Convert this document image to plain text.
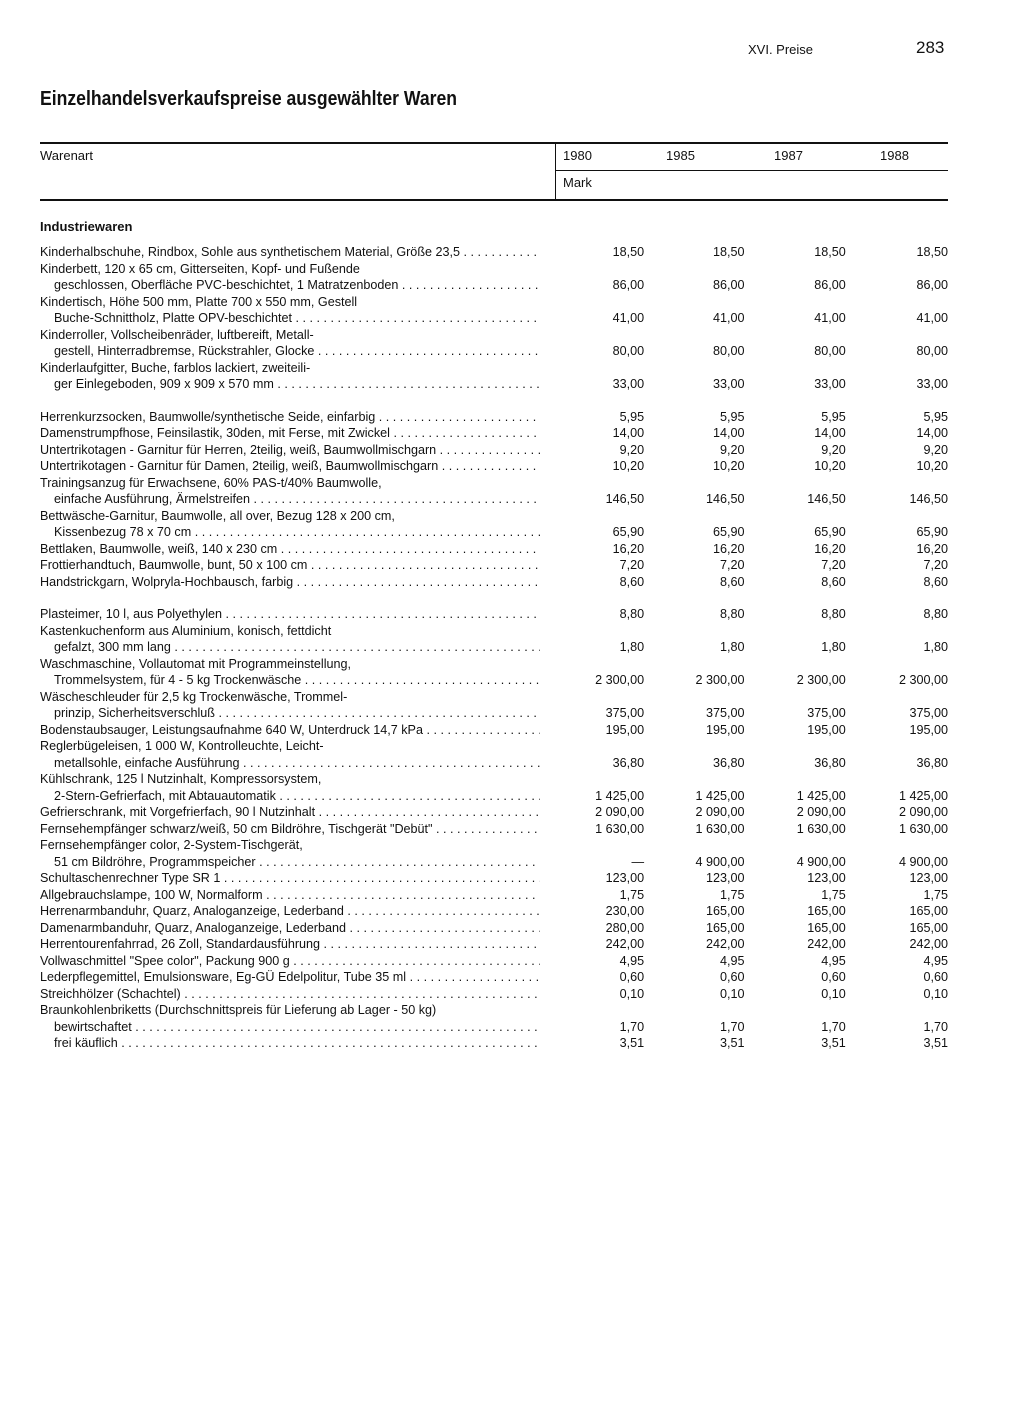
XVI. Preise	283
Einzelhandelsverkaufspreise ausgewählter Waren
Warenart	1980	1985	1987	1988
Mark
Industriewaren
Kinderhalbschuhe, Rindbox, Sohle aus synthetischem Material, Größe 23,5 . . .	18,50	18,50	18,50	18,50
Kinderbett, 120 x 65 cm, Gitterseiten, Kopf- und Fußende
geschlossen, Oberfläche PVC-beschichtet, 1 Matratzenboden . . .	86,00	86,00	86,00	86,00
Kindertisch, Höhe 500 mm, Platte 700 x 550 mm, Gestell
Buche-Schnittholz, Platte OPV-beschichtet . . .	41,00	41,00	41,00	41,00
Kinderroller, Vollscheibenräder, luftbereift, Metall-
gestell, Hinterradbremse, Rückstrahler, Glocke . . .	80,00	80,00	80,00	80,00
Kinderlaufgitter, Buche, farblos lackiert, zweiteili-
ger Einlegeboden, 909 x 909 x 570 mm . . .	33,00	33,00	33,00	33,00
Herrenkurzsocken, Baumwolle/synthetische Seide, einfarbig . . .	5,95	5,95	5,95	5,95
Damenstrumpfhose, Feinsilastik, 30den, mit Ferse, mit Zwickel . . .	14,00	14,00	14,00	14,00
Untertrikotagen - Garnitur für Herren, 2teilig, weiß, Baumwollmischgarn . . .	9,20	9,20	9,20	9,20
Untertrikotagen - Garnitur für Damen, 2teilig, weiß, Baumwollmischgarn . . .	10,20	10,20	10,20	10,20
Trainingsanzug für Erwachsene, 60% PAS-t/40% Baumwolle,
einfache Ausführung, Ärmelstreifen . . .	146,50	146,50	146,50	146,50
Bettwäsche-Garnitur, Baumwolle, all over, Bezug 128 x 200 cm,
Kissenbezug 78 x 70 cm . . .	65,90	65,90	65,90	65,90
Bettlaken, Baumwolle, weiß, 140 x 230 cm . . .	16,20	16,20	16,20	16,20
Frottierhandtuch, Baumwolle, bunt, 50 x 100 cm . . .	7,20	7,20	7,20	7,20
Handstrickgarn, Wolpryla-Hochbausch, farbig . . .	8,60	8,60	8,60	8,60
Plasteimer, 10 l, aus Polyethylen . . .	8,80	8,80	8,80	8,80
Kastenkuchenform aus Aluminium, konisch, fettdicht
gefalzt, 300 mm lang . . .	1,80	1,80	1,80	1,80
Waschmaschine, Vollautomat mit Programmeinstellung,
Trommelsystem, für 4 - 5 kg Trockenwäsche . . .	2 300,00	2 300,00	2 300,00	2 300,00
Wäscheschleuder für 2,5 kg Trockenwäsche, Trommel-
prinzip, Sicherheitsverschluß . . .	375,00	375,00	375,00	375,00
Bodenstaubsauger, Leistungsaufnahme 640 W, Unterdruck 14,7 kPa . . .	195,00	195,00	195,00	195,00
Reglerbügeleisen, 1 000 W, Kontrolleuchte, Leicht-
metallsohle, einfache Ausführung . . .	36,80	36,80	36,80	36,80
Kühlschrank, 125 l Nutzinhalt, Kompressorsystem,
2-Stern-Gefrierfach, mit Abtauautomatik . . .	1 425,00	1 425,00	1 425,00	1 425,00
Gefrierschrank, mit Vorgefrierfach, 90 l Nutzinhalt . . .	2 090,00	2 090,00	2 090,00	2 090,00
Fernsehempfänger schwarz/weiß, 50 cm Bildröhre, Tischgerät "Debüt" . . .	1 630,00	1 630,00	1 630,00	1 630,00
Fernsehempfänger color, 2-System-Tischgerät,
51 cm Bildröhre, Programmspeicher . . .	—	4 900,00	4 900,00	4 900,00
Schultaschenrechner Type SR 1 . . .	123,00	123,00	123,00	123,00
Allgebrauchslampe, 100 W, Normalform . . .	1,75	1,75	1,75	1,75
Herrenarmbanduhr, Quarz, Analoganzeige, Lederband . . .	230,00	165,00	165,00	165,00
Damenarmbanduhr, Quarz, Analoganzeige, Lederband . . .	280,00	165,00	165,00	165,00
Herrentourenfahrrad, 26 Zoll, Standardausführung . . .	242,00	242,00	242,00	242,00
Vollwaschmittel "Spee color", Packung 900 g . . .	4,95	4,95	4,95	4,95
Lederpflegemittel, Emulsionsware, Eg-GÜ Edelpolitur, Tube 35 ml . . .	0,60	0,60	0,60	0,60
Streichhölzer (Schachtel) . . .	0,10	0,10	0,10	0,10
Braunkohlenbriketts (Durchschnittspreis für Lieferung ab Lager - 50 kg)
bewirtschaftet . . .	1,70	1,70	1,70	1,70
frei käuflich . . .	3,51	3,51	3,51	3,51
